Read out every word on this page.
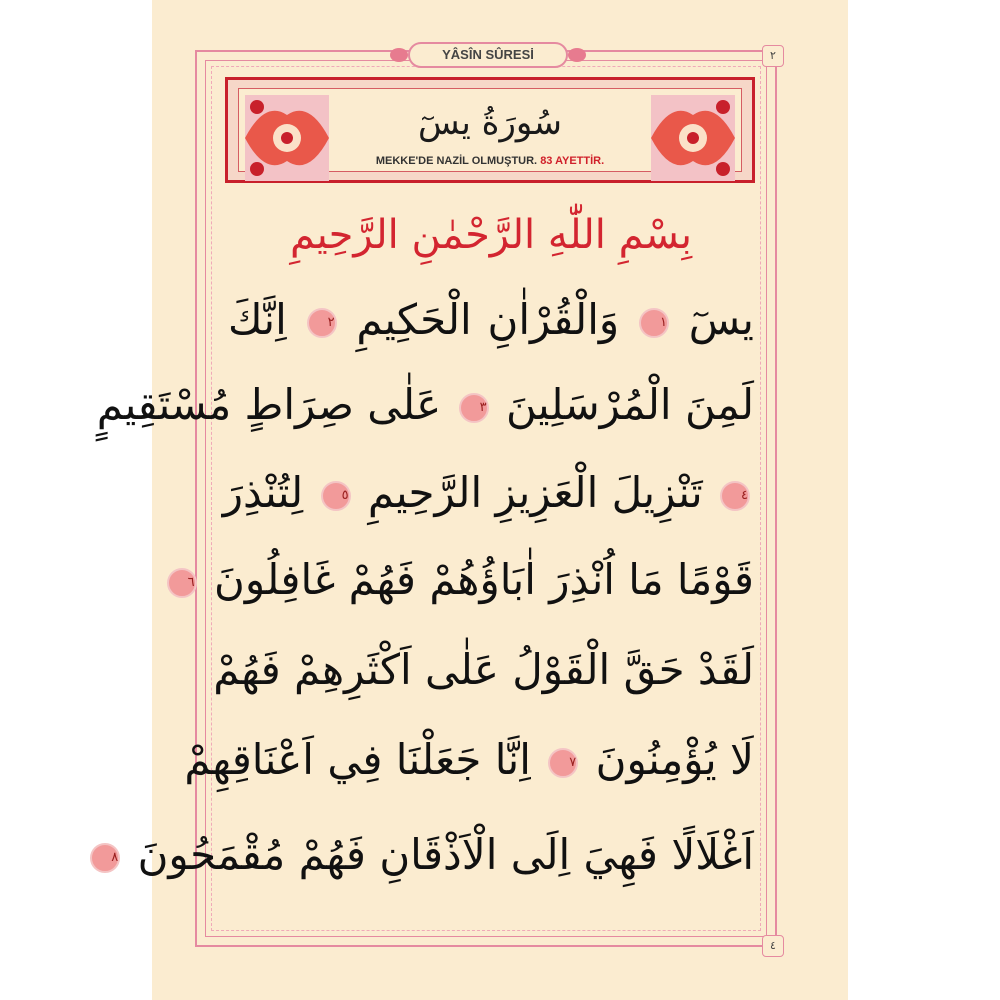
YÂSÎN SÛRESİ	٢
٤
سُورَةُ يسٓ
MEKKE'DE NAZİL OLMUŞTUR. 83 AYETTİR.
بِسْمِ اللّٰهِ الرَّحْمٰنِ الرَّحِيمِ
يسٓ ١ وَالْقُرْاٰنِ الْحَكِيمِ ٢ اِنَّكَ
لَمِنَ الْمُرْسَلِينَ ٣ عَلٰى صِرَاطٍ مُسْتَقِيمٍ
٤ تَنْزِيلَ الْعَزِيزِ الرَّحِيمِ ٥ لِتُنْذِرَ
قَوْمًا مَا اُنْذِرَ اٰبَاؤُهُمْ فَهُمْ غَافِلُونَ ٦
لَقَدْ حَقَّ الْقَوْلُ عَلٰى اَكْثَرِهِمْ فَهُمْ
لَا يُؤْمِنُونَ ٧ اِنَّا جَعَلْنَا فِي اَعْنَاقِهِمْ
اَغْلَالًا فَهِيَ اِلَى الْاَذْقَانِ فَهُمْ مُقْمَحُونَ ٨
